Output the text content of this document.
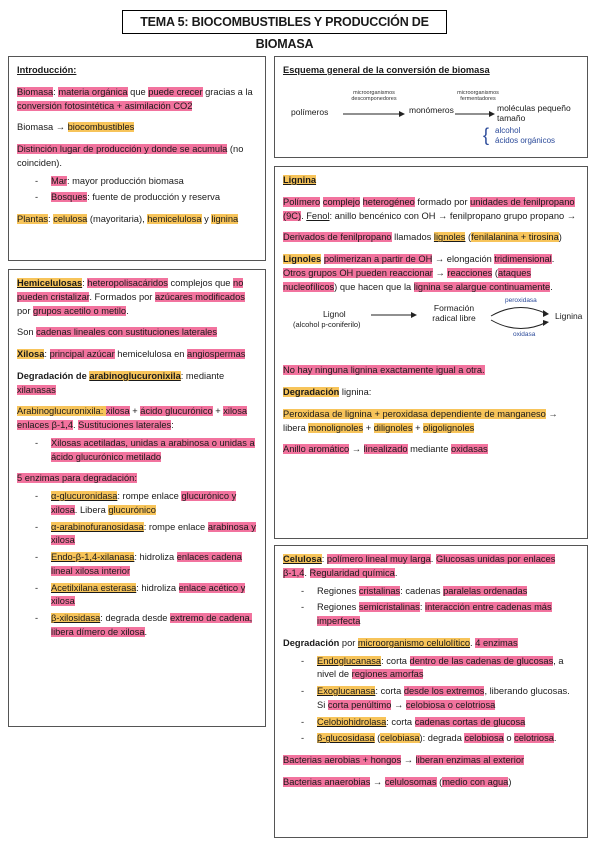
TEMA 5: BIOCOMBUSTIBLES Y PRODUCCIÓN DE BIOMASA
Introducción:

Biomasa: materia orgánica que puede crecer gracias a la conversión fotosintética + asimilación CO2

Biomasa → biocombustibles

Distinción lugar de producción y donde se acumula (no coinciden).

- Mar: mayor producción biomasa
- Bosques: fuente de producción y reserva

Plantas: celulosa (mayoritaria), hemicelulosa y lignina

Hemicelulosas: heteropolisacáridos complejos que no pueden cristalizar. Formados por azúcares modificados por grupos acetilo o metilo.

Son cadenas lineales con sustituciones laterales

Xilosa: principal azúcar hemicelulosa en angiospermas

Degradación de arabinoglucuronixila: mediante xilanasas

Arabinoglucuronixila: xilosa + ácido glucurónico + xilosa enlaces β-1,4. Sustituciones laterales:

- Xilosas acetiladas, unidas a arabinosa o unidas a ácido glucurónico metilado

5 enzimas para degradación:

- α-glucuronidasa: rompe enlace glucurónico y xilosa. Libera glucurónico
- α-arabinofuranosidasa: rompe enlace arabinosa y xilosa
- Endo-β-1,4-xilanasa: hidroliza enlaces cadena lineal xilosa interior
- Acetilxilana esterasa: hidroliza enlace acético y xilosa
- β-xilosidasa: degrada desde extremo de cadena, libera dímero de xilosa.
Esquema general de la conversión de biomasa
polímeros
microorganismos descomponedores
monómeros
microorganismos fermentadores
moléculas pequeño tamaño
{ alcohol
ácidos orgánicos
Lignina

Polímero complejo heterogéneo formado por unidades de fenilpropano (9C). Fenol: anillo bencénico con OH → fenilpropano grupo propano →

Derivados de fenilpropano llamados lignoles (fenilalanina + tirosina)

Lignoles polimerizan a partir de OH → elongación tridimensional. Otros grupos OH pueden reaccionar → reacciones (ataques nucleofílicos) que hacen que la lignina se alargue continuamente.

Lignol
(alcohol p-coniferilo)
Formación radical libre
peroxidasa
oxidasa
Lignina

No hay ninguna lignina exactamente igual a otra.

Degradación lignina:

Peroxidasa de lignina + peroxidasa dependiente de manganeso → libera monolignoles + dilignoles + oligolignoles

Anillo aromático → linealizado mediante oxidasas

Celulosa: polímero lineal muy larga. Glucosas unidas por enlaces β-1,4. Regularidad química.

- Regiones cristalinas: cadenas paralelas ordenadas
- Regiones semicristalinas: interacción entre cadenas más imperfecta

Degradación por microorganismo celulolítico. 4 enzimas

- Endoglucanasa: corta dentro de las cadenas de glucosas, a nivel de regiones amorfas
- Exoglucanasa: corta desde los extremos, liberando glucosas. Si corta penúltimo → celobiosa o celotriosa
- Celobiohidrolasa: corta cadenas cortas de glucosa
- β-glucosidasa (celobiasa): degrada celobiosa o celotriosa.

Bacterias aerobias + hongos → liberan enzimas al exterior

Bacterias anaerobias → celulosomas (medio con agua)
